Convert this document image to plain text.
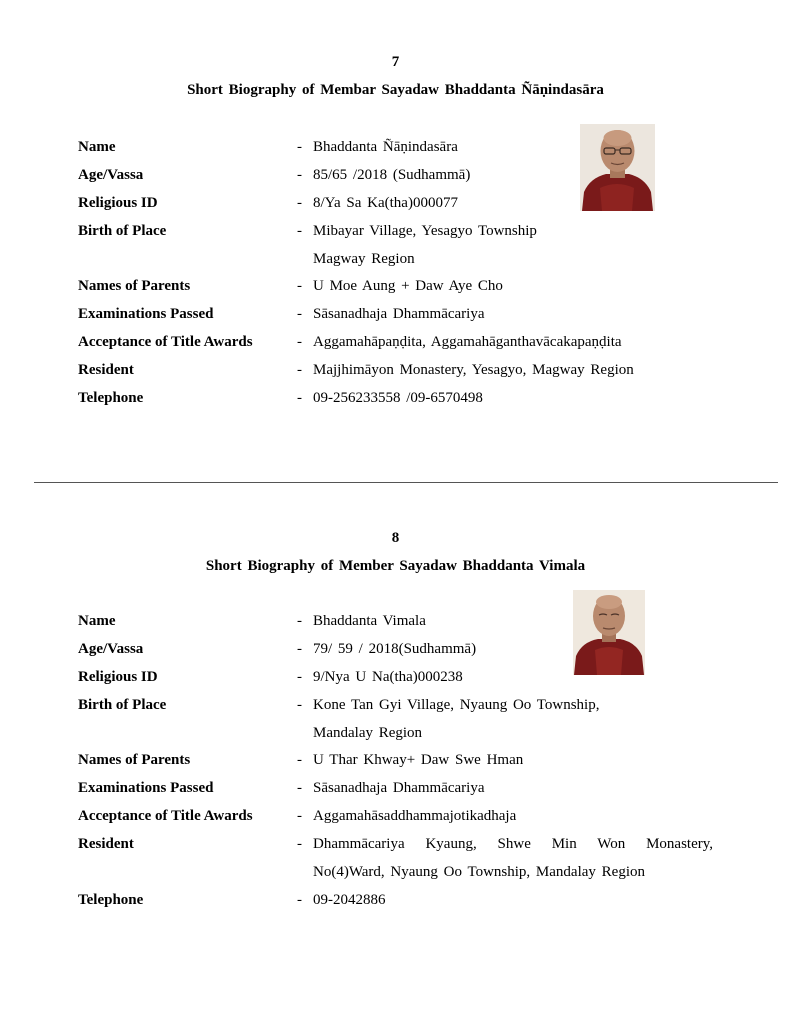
7
Short Biography of Membar Sayadaw Bhaddanta Ñāṇindasāra
Name	- Bhaddanta Ñāṇindasāra
Age/Vassa	- 85/65 /2018 (Sudhammā)
Religious ID	- 8/Ya Sa Ka(tha)000077
Birth of Place	- Mibayar Village, Yesagyo Township
Magway Region
Names of Parents	- U Moe Aung + Daw Aye Cho
Examinations Passed	- Sāsanadhaja Dhammācariya
Acceptance of Title Awards	- Aggamahāpaṇḍita, Aggamahāganthavācakapaṇḍita
Resident	- Majjhimāyon Monastery, Yesagyo, Magway Region
Telephone	- 09-256233558 /09-6570498
8
Short Biography of Member Sayadaw Bhaddanta Vimala
Name	- Bhaddanta Vimala
Age/Vassa	- 79/ 59 / 2018(Sudhammā)
Religious ID	- 9/Nya U Na(tha)000238
Birth of Place	- Kone Tan Gyi Village, Nyaung Oo Township,
Mandalay Region
Names of Parents	- U Thar Khway+ Daw Swe Hman
Examinations Passed	- Sāsanadhaja Dhammācariya
Acceptance of Title Awards	- Aggamahāsaddhammajotikadhaja
Resident	- Dhammācariya Kyaung, Shwe Min Won Monastery,
No(4)Ward, Nyaung Oo Township, Mandalay Region
Telephone	- 09-2042886
